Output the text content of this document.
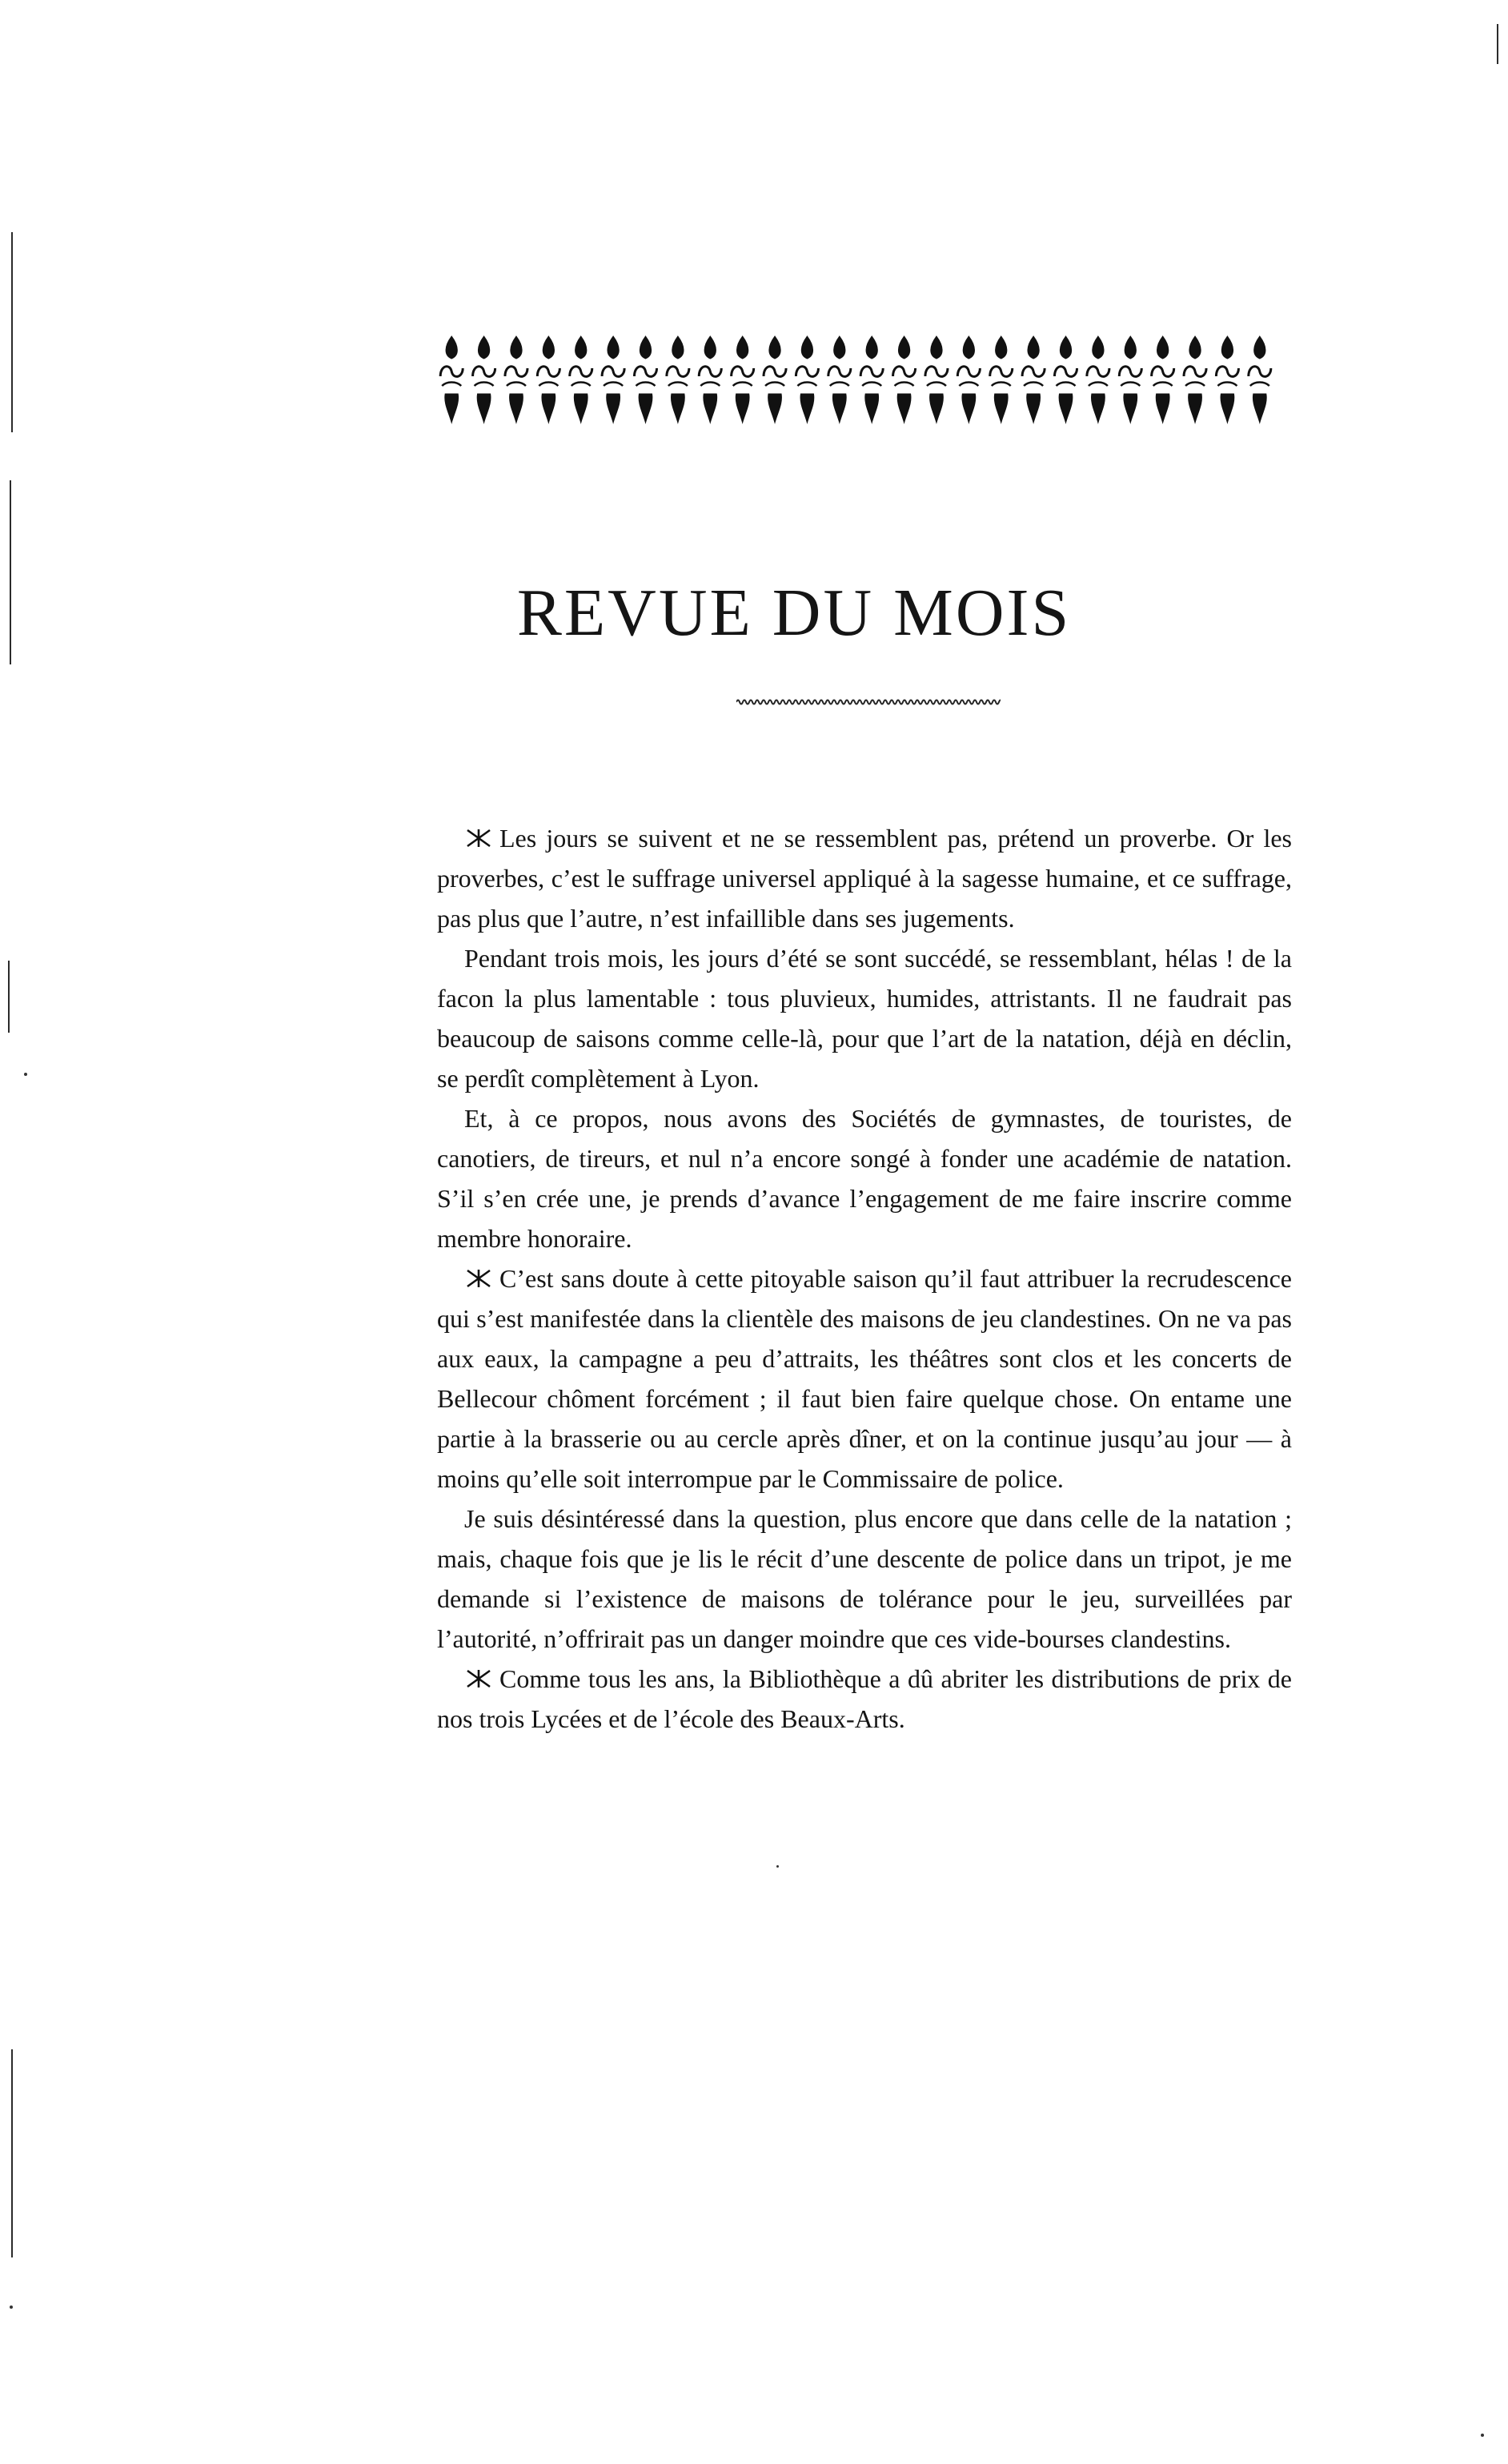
REVUE DU MOIS

Les jours se suivent et ne se ressemblent pas, prétend un proverbe. Or les proverbes, c’est le suffrage universel appliqué à la sagesse humaine, et ce suffrage, pas plus que l’autre, n’est infaillible dans ses jugements.

Pendant trois mois, les jours d’été se sont succédé, se ressemblant, hélas ! de la facon la plus lamentable : tous pluvieux, humides, attristants. Il ne faudrait pas beaucoup de saisons comme celle-là, pour que l’art de la natation, déjà en déclin, se perdît complètement à Lyon.

Et, à ce propos, nous avons des Sociétés de gymnastes, de touristes, de canotiers, de tireurs, et nul n’a encore songé à fonder une académie de natation. S’il s’en crée une, je prends d’avance l’engagement de me faire inscrire comme membre honoraire.

C’est sans doute à cette pitoyable saison qu’il faut attribuer la recrudescence qui s’est manifestée dans la clientèle des maisons de jeu clandestines. On ne va pas aux eaux, la campagne a peu d’attraits, les théâtres sont clos et les concerts de Bellecour chôment forcément ; il faut bien faire quelque chose. On entame une partie à la brasserie ou au cercle après dîner, et on la continue jusqu’au jour — à moins qu’elle soit interrompue par le Commissaire de police.

Je suis désintéressé dans la question, plus encore que dans celle de la natation ; mais, chaque fois que je lis le récit d’une descente de police dans un tripot, je me demande si l’existence de maisons de tolérance pour le jeu, surveillées par l’autorité, n’offrirait pas un danger moindre que ces vide-bourses clandestins.

Comme tous les ans, la Bibliothèque a dû abriter les distributions de prix de nos trois Lycées et de l’école des Beaux-Arts.
